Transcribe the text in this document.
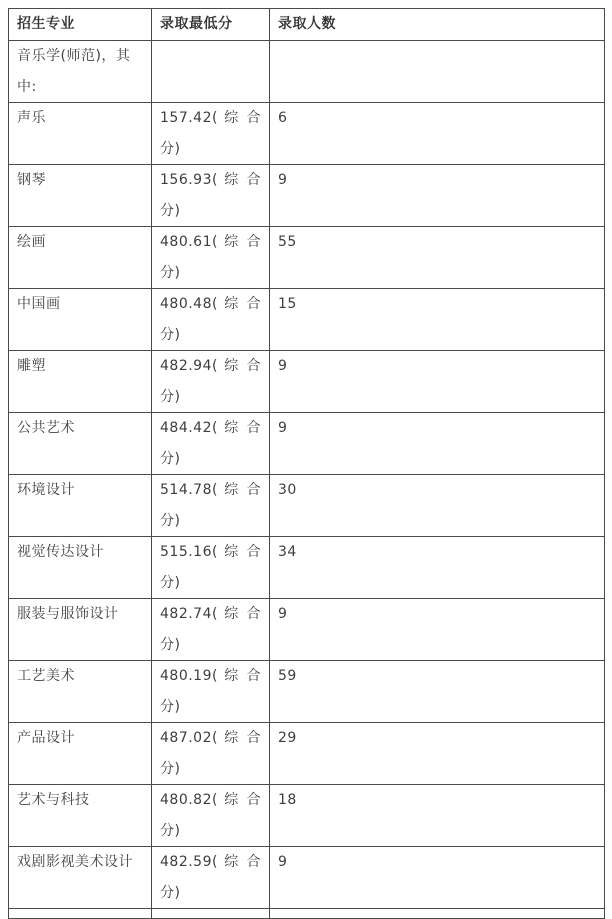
招生专业	录取最低分	录取人数
音乐学(师范)，其中:		
声乐	157.42( 综 合 分)	6
钢琴	156.93( 综 合 分)	9
绘画	480.61( 综 合 分)	55
中国画	480.48( 综 合 分)	15
雕塑	482.94( 综 合 分)	9
公共艺术	484.42( 综 合 分)	9
环境设计	514.78( 综 合 分)	30
视觉传达设计	515.16( 综 合 分)	34
服装与服饰设计	482.74( 综 合 分)	9
工艺美术	480.19( 综 合 分)	59
产品设计	487.02( 综 合 分)	29
艺术与科技	480.82( 综 合 分)	18
戏剧影视美术设计	482.59( 综 合 分)	9
